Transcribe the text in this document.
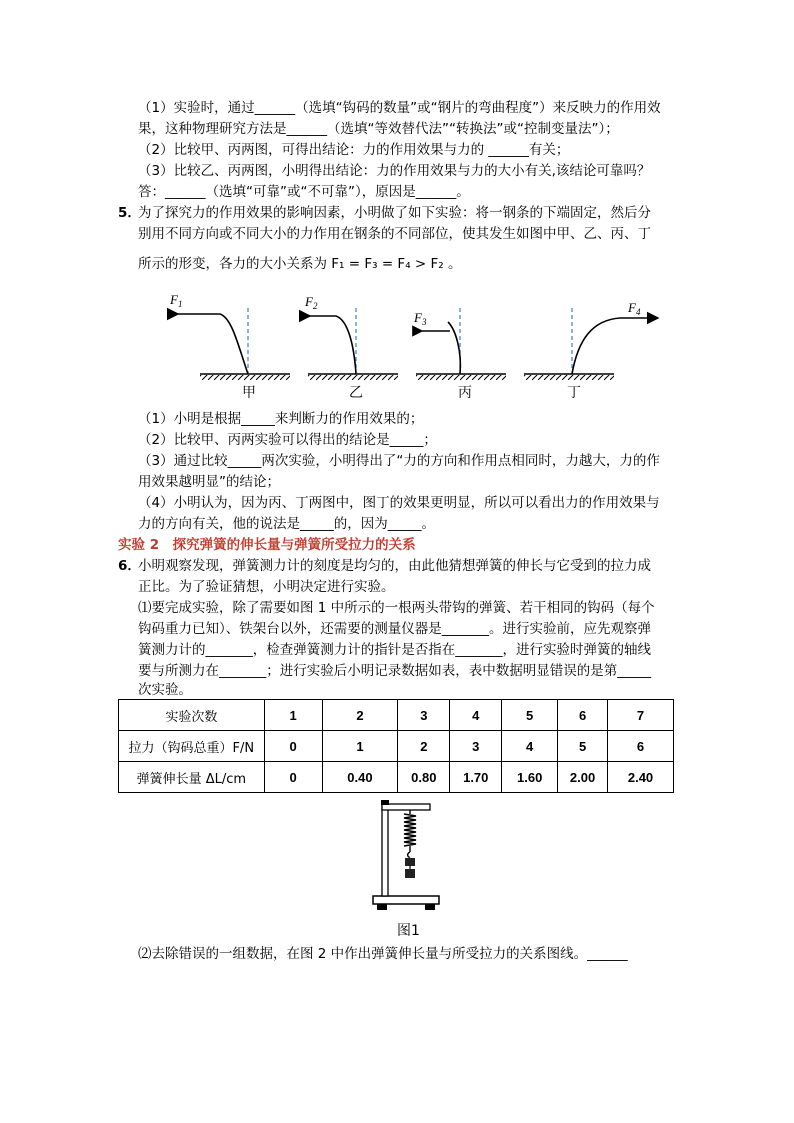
（1）实验时，通过______（选填“钩码的数量”或“钢片的弯曲程度”）来反映力的作用效
果，这种物理研究方法是______（选填“等效替代法”“转换法”或“控制变量法”）；
（2）比较甲、丙两图，可得出结论：力的作用效果与力的 ______有关；
（3）比较乙、丙两图，小明得出结论：力的作用效果与力的大小有关,该结论可靠吗？
答：______（选填“可靠”或“不可靠”），原因是______。
5．
为了探究力的作用效果的影响因素，小明做了如下实验：将一钢条的下端固定，然后分
别用不同方向或不同大小的力作用在钢条的不同部位，使其发生如图中甲、乙、丙、丁
所示的形变，各力的大小关系为 F₁ = F₃ = F₄ > F₂ 。
$F_1$	$F_2$
$F_3$
$F_4$
甲	乙	丙	丁
（1）小明是根据_____来判断力的作用效果的；
（2）比较甲、丙两实验可以得出的结论是_____；
（3）通过比较_____两次实验，小明得出了“力的方向和作用点相同时，力越大，力的作
用效果越明显”的结论；
（4）小明认为，因为丙、丁两图中，图丁的效果更明显，所以可以看出力的作用效果与
力的方向有关，他的说法是_____的，因为_____。
实验 2　探究弹簧的伸长量与弹簧所受拉力的关系
6．
小明观察发现，弹簧测力计的刻度是均匀的，由此他猜想弹簧的伸长与它受到的拉力成
正比。为了验证猜想，小明决定进行实验。
⑴要完成实验，除了需要如图 1 中所示的一根两头带钩的弹簧、若干相同的钩码（每个
钩码重力已知）、铁架台以外，还需要的测量仪器是_______。进行实验前，应先观察弹
簧测力计的_______，检查弹簧测力计的指针是否指在_______，进行实验时弹簧的轴线
要与所测力在_______；进行实验后小明记录数据如表，表中数据明显错误的是第_____
次实验。
实验次数	1	2	3	4	5	6	7
拉力（钩码总重）F/N	0	1	2	3	4	5	6
弹簧伸长量 ΔL/cm	0	0.40	0.80	1.70	1.60	2.00	2.40
图1
⑵去除错误的一组数据，在图 2 中作出弹簧伸长量与所受拉力的关系图线。______
